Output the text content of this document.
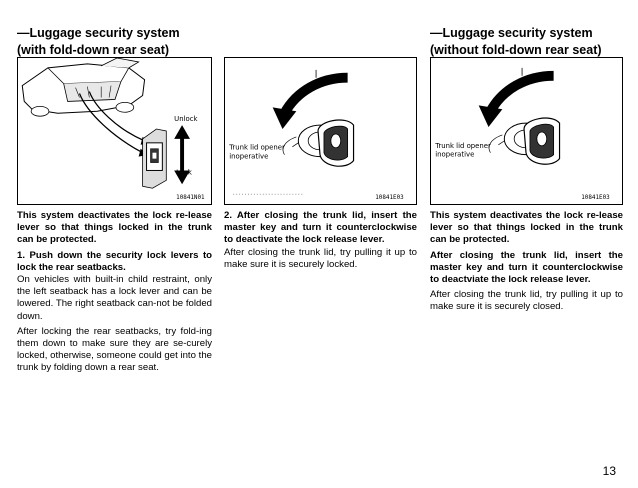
—Luggage security system
(with fold-down rear seat)
—Luggage security system
(without fold-down rear seat)
Unlock
Lock
10841N01
Trunk lid opener
inoperative
10841E03
Trunk lid opener
inoperative
10841E03

This system deactivates the lock re-lease lever so that things locked in the trunk can be protected.

1. Push down the security lock levers to lock the rear seatbacks.

On vehicles with built-in child restraint, only the left seatback has a lock lever and can be lowered. The right seatback can-not be folded down.

After locking the rear seatbacks, try fold-ing them down to make sure they are se-curely locked, otherwise, someone could get into the trunk by folding down a rear seat.

2. After closing the trunk lid, insert the master key and turn it counterclockwise to deactivate the lock release lever.

After closing the trunk lid, try pulling it up to make sure it is securely locked.

This system deactivates the lock re-lease lever so that things locked in the trunk can be protected.

After closing the trunk lid, insert the master key and turn it counterclockwise to deactviate the lock release lever.

After closing the trunk lid, try pulling it up to make sure it is securely closed.

13
